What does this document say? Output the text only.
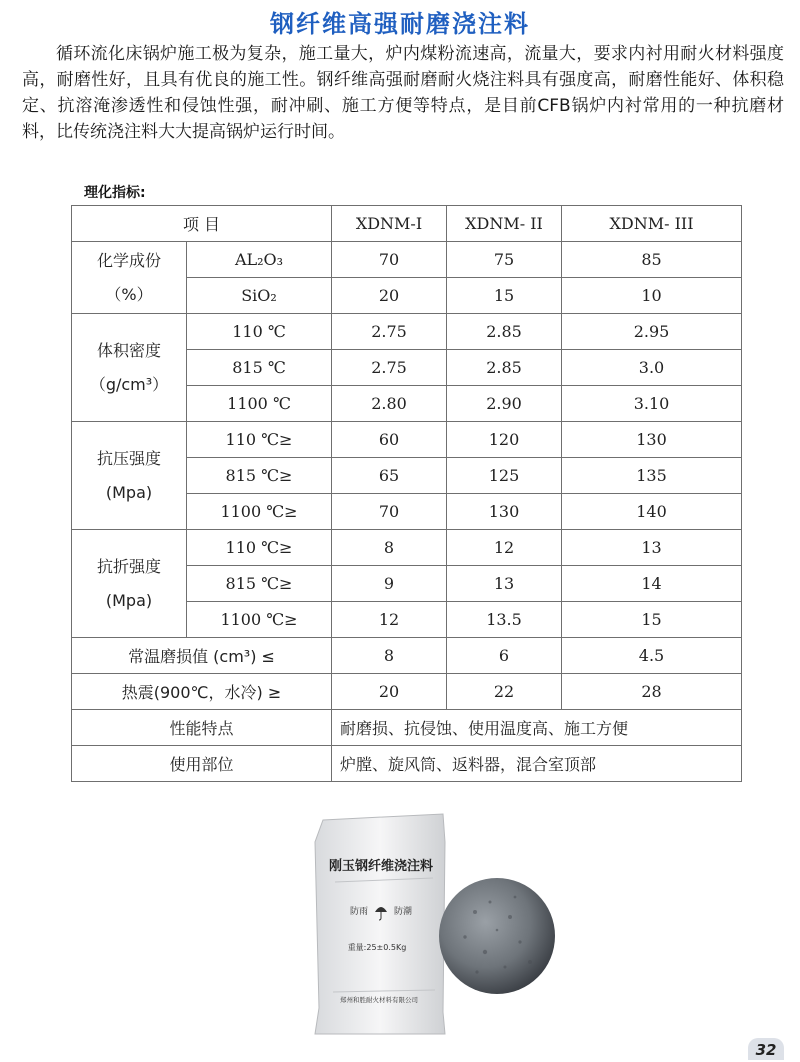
钢纤维高强耐磨浇注料
循环流化床锅炉施工极为复杂，施工量大，炉内煤粉流速高，流量大，要求内衬用耐火材料强度高，耐磨性好，且具有优良的施工性。钢纤维高强耐磨耐火烧注料具有强度高，耐磨性能好、体积稳定、抗溶淹渗透性和侵蚀性强，耐冲刷、施工方便等特点，是目前CFB锅炉内衬常用的一种抗磨材料，比传统浇注料大大提高锅炉运行时间。
理化指标:
项 目		XDNM-I	XDNM- II	XDNM- III
化学成份
（%）	AL₂O₃	70	75	85
	SiO₂	20	15	10
体积密度
（g/cm³）	110 ℃	2.75	2.85	2.95
	815 ℃	2.75	2.85	3.0
	1100 ℃	2.80	2.90	3.10
抗压强度
(Mpa)	110 ℃≥	60	120	130
	815 ℃≥	65	125	135
	1100 ℃≥	70	130	140
抗折强度
(Mpa)	110 ℃≥	8	12	13
	815 ℃≥	9	13	14
	1100 ℃≥	12	13.5	15
常温磨损值 (cm³) ≤		8	6	4.5
热震(900℃，水冷) ≥		20	22	28
性能特点		耐磨损、抗侵蚀、使用温度高、施工方便		
使用部位		炉膛、旋风筒、返料器，混合室顶部		
刚玉钢纤维浇注料
防雨	防潮
重量:25±0.5Kg
郑州和胜耐火材料有限公司
32
